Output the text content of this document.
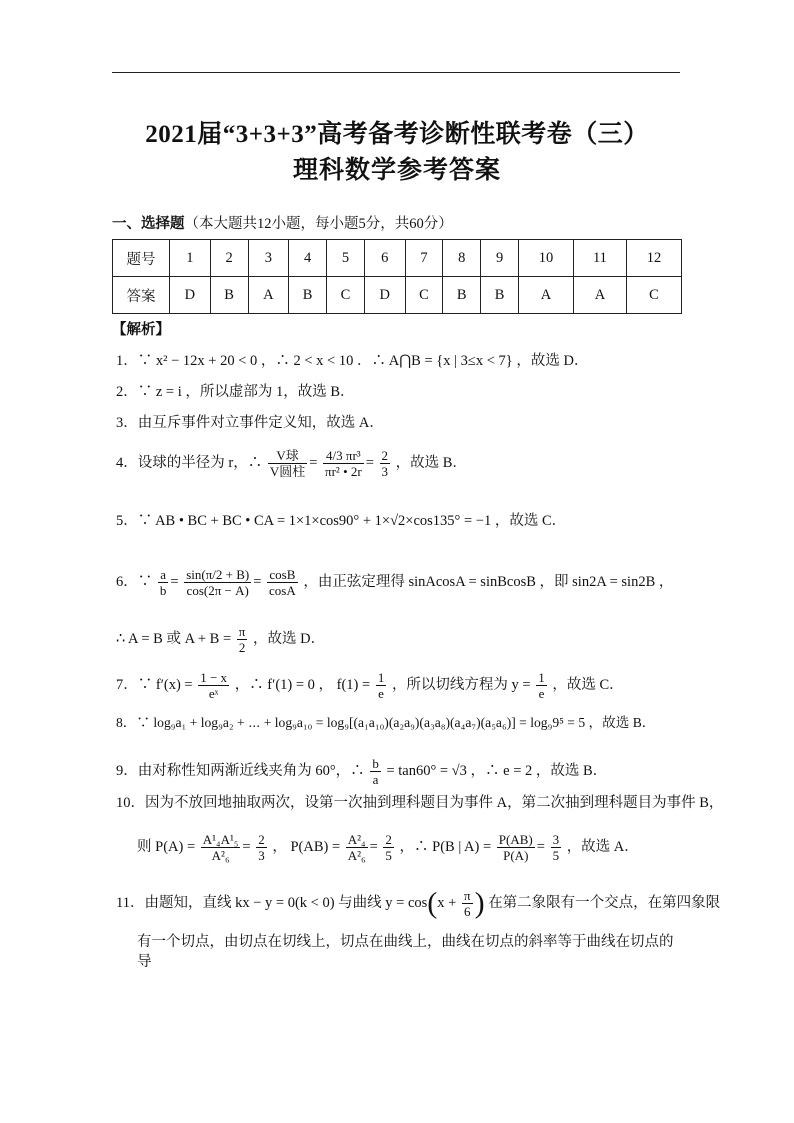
2021届“3+3+3”高考备考诊断性联考卷（三）
理科数学参考答案
一、选择题（本大题共12小题，每小题5分，共60分）
题号	1	2	3	4	5	6	7	8	9	10	11	12
答案	D	B	A	B	C	D	C	B	B	A	A	C
【解析】
1．∵ x² − 12x + 20 < 0 ，∴ 2 < x < 10 ．∴ A⋂B = {x | 3≤x < 7} ，故选 D．
2．∵ z = i ，所以虚部为 1，故选 B．
3．由互斥事件对立事件定义知，故选 A．
4．设球的半径为 r，∴ $\frac{\text{V球}}{\text{V圆柱}} = \frac{\text{4/3 πr³}}{\text{πr² • 2r}} = \frac{2}{3}$ ，故选 B．
5．∵ AB • BC + BC • CA = 1×1×cos90° + 1×√2×cos135° = −1 ，故选 C．
6．∵ $\frac{a}{b} = \frac{\sin(\pi/2 + B)}{\cos(2\pi - A)} = \frac{\cos B}{\cos A}$ ，由正弦定理得 sinAcosA = sinBcosB ，即 sin2A = sin2B ，
∴ A = B 或 $A + B = \frac{\pi}{2}$ ，故选 D．
7．∵ $f'(x) = \frac{1 - x}{\text{eˣ}}$ ，∴ f′(1) = 0 ， $f(1) = \frac{1}{e}$ ，所以切线方程为 $y = \frac{1}{e}$ ，故选 C．
8．∵ log₉a₁ + log₉a₂ + ⋯ + log₉a₁₀ = log₉[(a₁a₁₀)(a₂a₉)(a₃a₈)(a₄a₇)(a₅a₆)] = log₉9⁵ = 5 ，故选 B．
9．由对称性知两渐近线夹角为 60°，∴ $\frac{b}{a} = \tan 60^\circ = √3$ ，∴ e = 2 ，故选 B．
10．因为不放回地抽取两次，设第一次抽到理科题目为事件 A，第二次抽到理科题目为事件 B，
则 $P(A) = \frac{\text{A¹₄A¹₅}}{\text{A²₆}} = \frac{2}{3}$ ， $P(AB) = \frac{\text{A²₄}}{\text{A²₆}} = \frac{2}{5}$ ，∴ P(B | $A) = \frac{P(AB)}{P(A)} = \frac{3}{5}$ ，故选 A．
11．由题知，直线 kx − y = 0(k < 0) 与曲线 $y = \cos(x + \frac{\pi}{6}$ ) 在第二象限有一个交点，在第四象限
有一个切点，由切点在切线上，切点在曲线上，曲线在切点的斜率等于曲线在切点的导
